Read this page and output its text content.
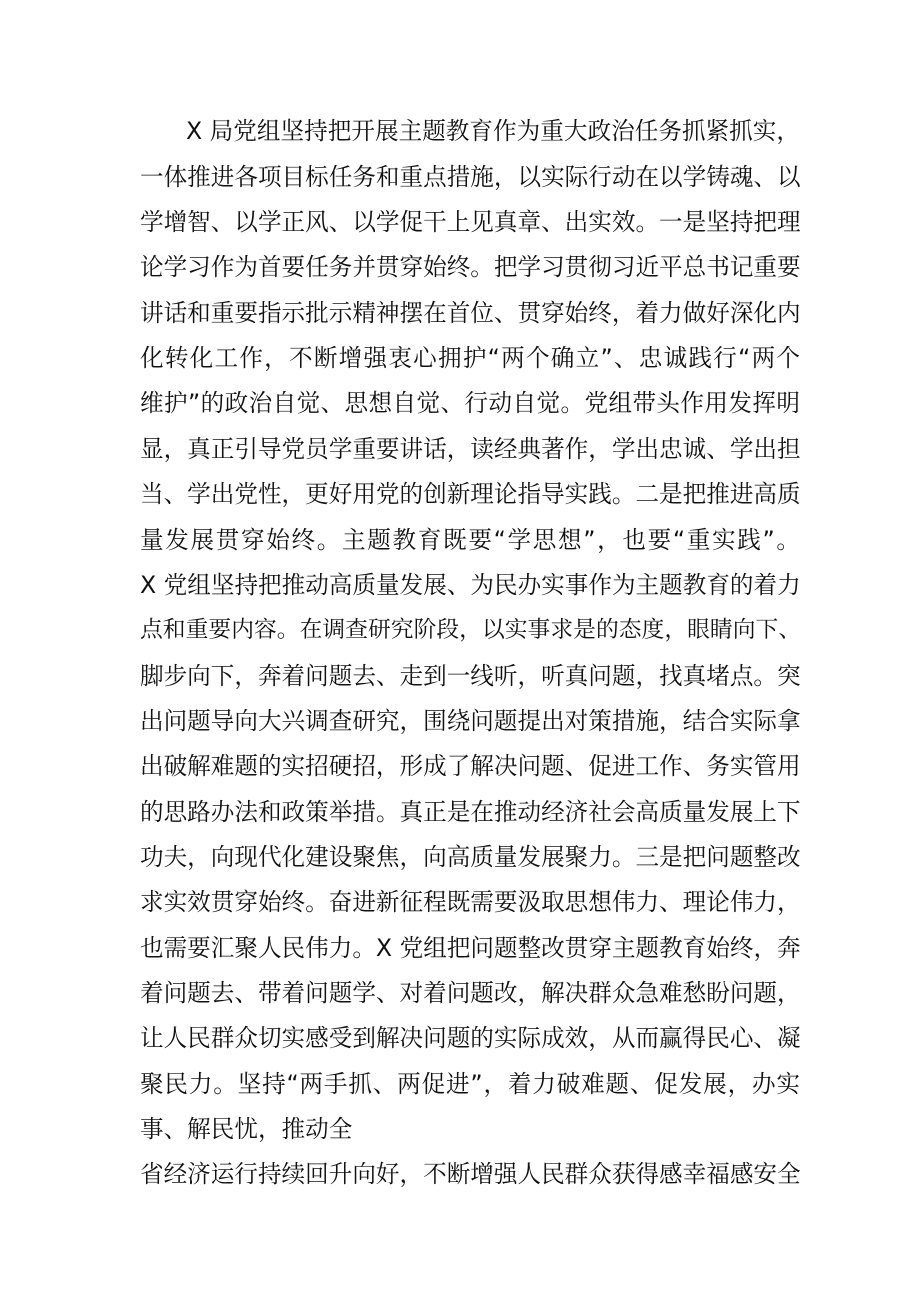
X 局党组坚持把开展主题教育作为重大政治任务抓紧抓实，
一体推进各项目标任务和重点措施，以实际行动在以学铸魂、以
学增智、以学正风、以学促干上见真章、出实效。一是坚持把理
论学习作为首要任务并贯穿始终。把学习贯彻习近平总书记重要
讲话和重要指示批示精神摆在首位、贯穿始终，着力做好深化内
化转化工作，不断增强衷心拥护“两个确立”、忠诚践行“两个
维护”的政治自觉、思想自觉、行动自觉。党组带头作用发挥明
显，真正引导党员学重要讲话，读经典著作，学出忠诚、学出担
当、学出党性，更好用党的创新理论指导实践。二是把推进高质
量发展贯穿始终。主题教育既要“学思想”，也要“重实践”。
X 党组坚持把推动高质量发展、为民办实事作为主题教育的着力
点和重要内容。在调查研究阶段，以实事求是的态度，眼睛向下、
脚步向下，奔着问题去、走到一线听，听真问题，找真堵点。突
出问题导向大兴调查研究，围绕问题提出对策措施，结合实际拿
出破解难题的实招硬招，形成了解决问题、促进工作、务实管用
的思路办法和政策举措。真正是在推动经济社会高质量发展上下
功夫，向现代化建设聚焦，向高质量发展聚力。三是把问题整改
求实效贯穿始终。奋进新征程既需要汲取思想伟力、理论伟力，
也需要汇聚人民伟力。X 党组把问题整改贯穿主题教育始终，奔
着问题去、带着问题学、对着问题改，解决群众急难愁盼问题，
让人民群众切实感受到解决问题的实际成效，从而赢得民心、凝
聚民力。坚持“两手抓、两促进”，着力破难题、促发展，办实
事、解民忧，推动全
省经济运行持续回升向好，不断增强人民群众获得感幸福感安全
